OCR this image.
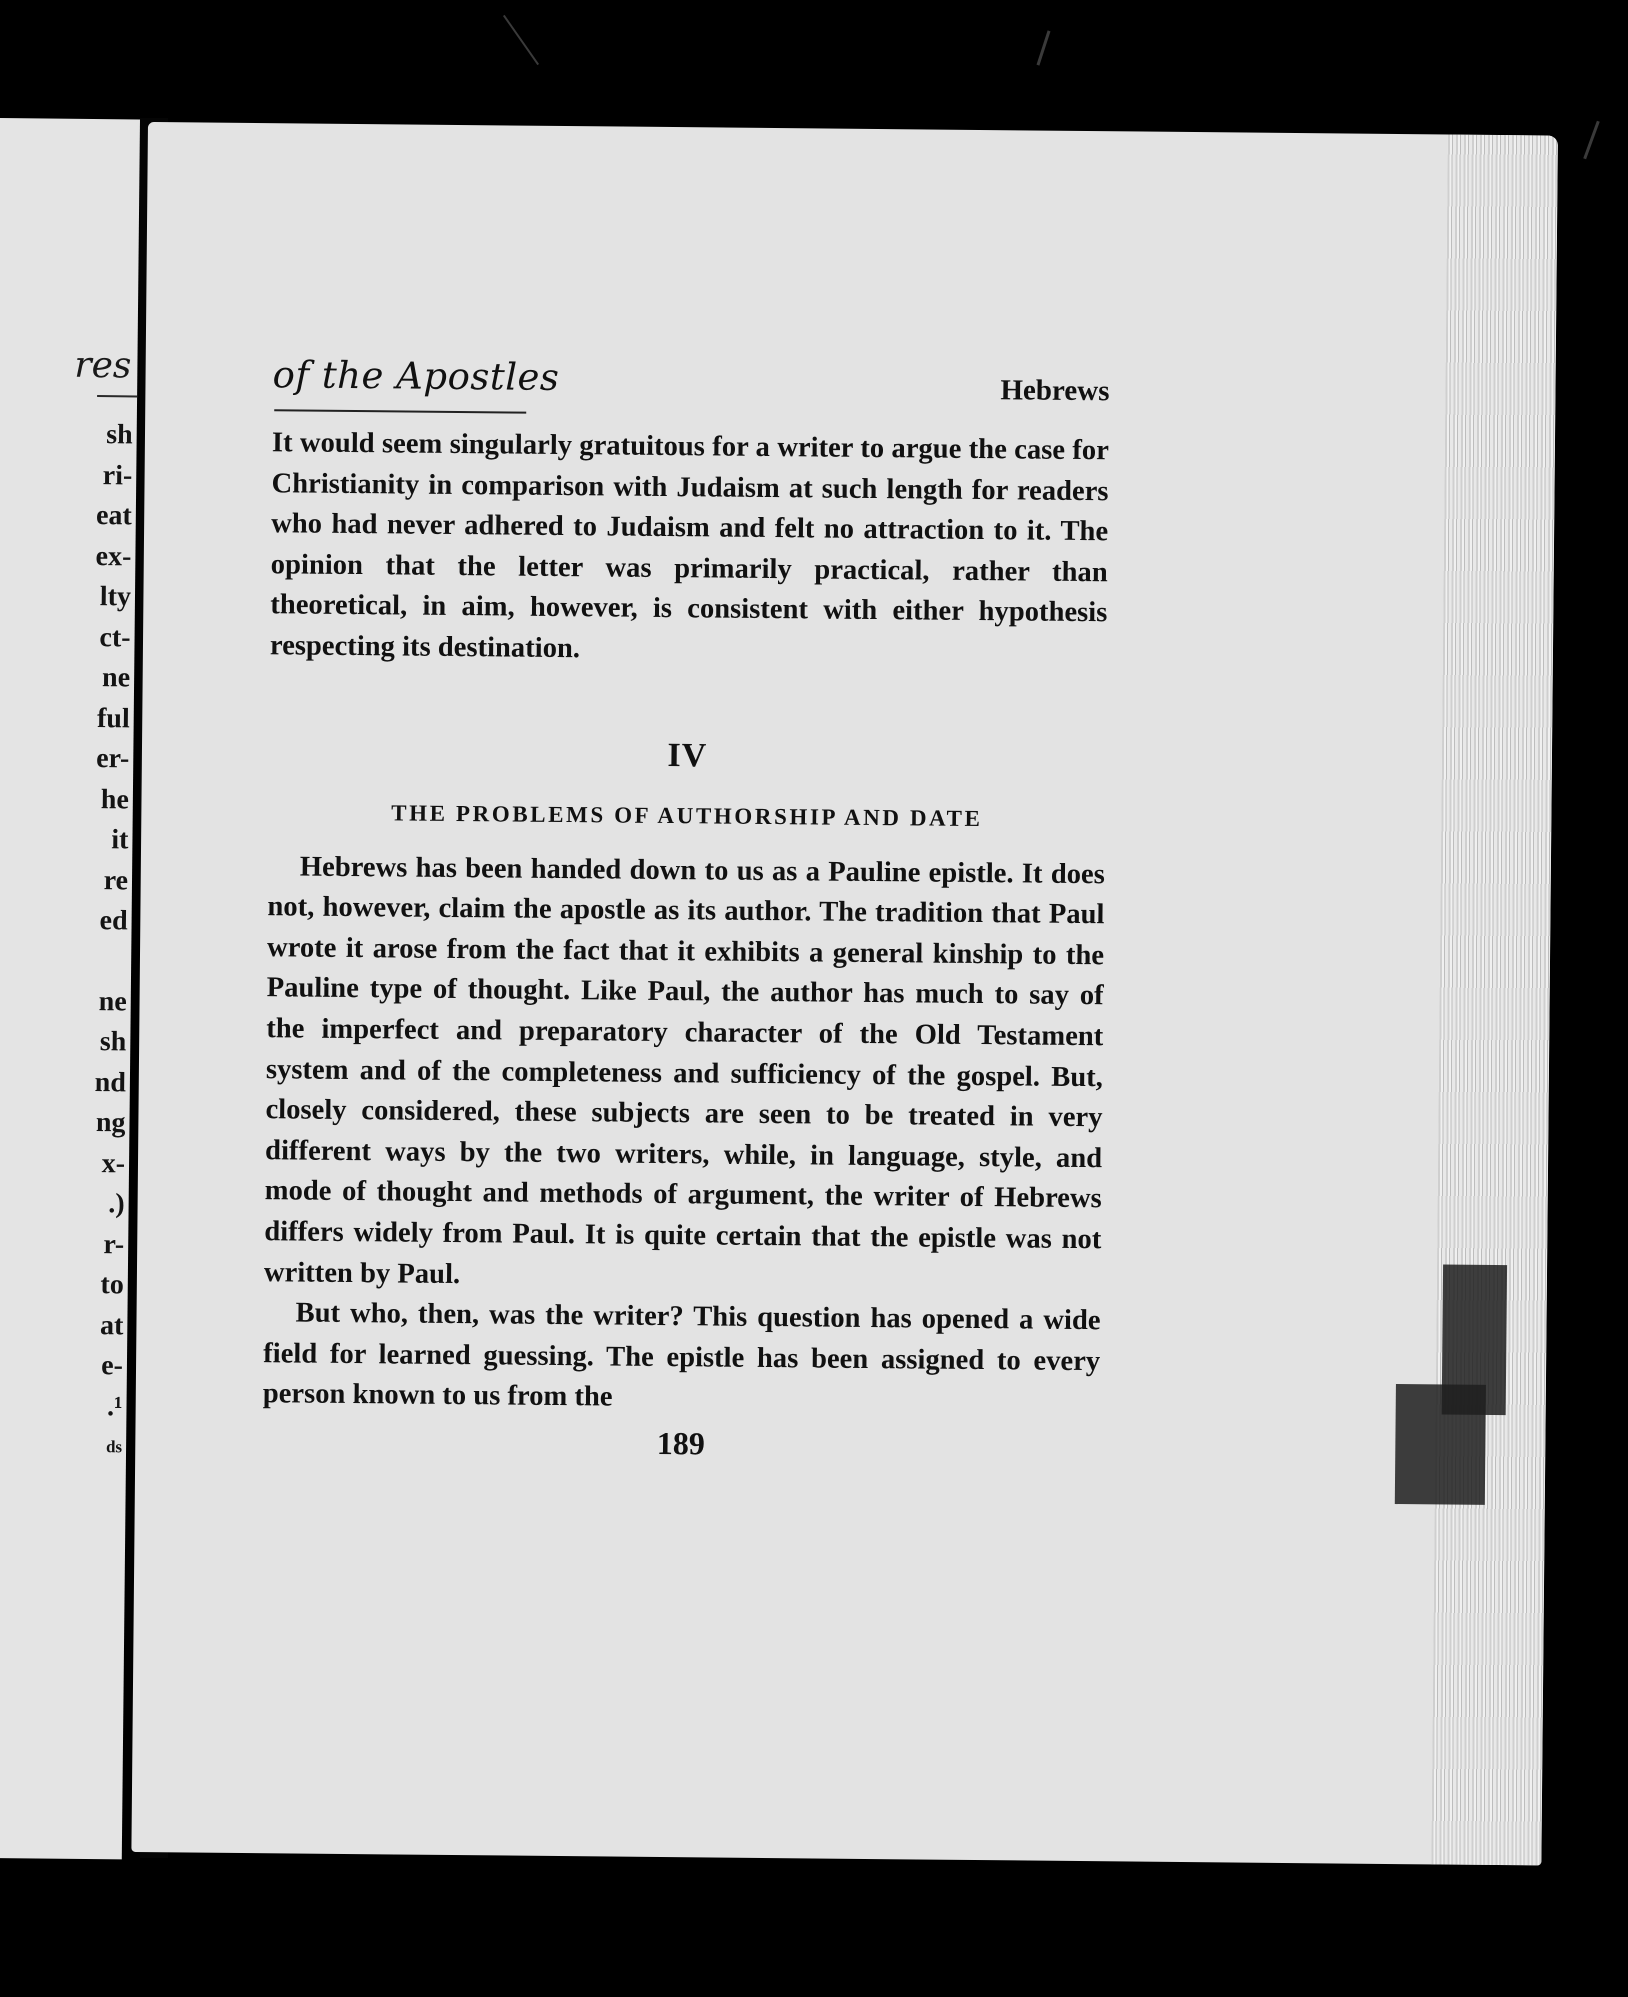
res
sh
ri-
eat
ex-
lty
ct-
ne
ful
er-
he
it
re
ed
ne
sh
nd
ng
x-
.)
r-
to
at
e-
.¹
ds
of the Apostles	Hebrews

It would seem singularly gratuitous for a writer to argue the case for Christianity in comparison with Judaism at such length for readers who had never adhered to Judaism and felt no attraction to it. The opinion that the letter was primarily practical, rather than theoretical, in aim, however, is consistent with either hypothesis respecting its destination.

IV
THE PROBLEMS OF AUTHORSHIP AND DATE

Hebrews has been handed down to us as a Pauline epistle. It does not, however, claim the apostle as its author. The tradition that Paul wrote it arose from the fact that it exhibits a general kinship to the Pauline type of thought. Like Paul, the author has much to say of the imperfect and preparatory character of the Old Testament system and of the completeness and sufficiency of the gospel. But, closely considered, these subjects are seen to be treated in very different ways by the two writers, while, in language, style, and mode of thought and methods of argument, the writer of Hebrews differs widely from Paul. It is quite certain that the epistle was not written by Paul.

But who, then, was the writer? This question has opened a wide field for learned guessing. The epistle has been assigned to every person known to us from the

189
